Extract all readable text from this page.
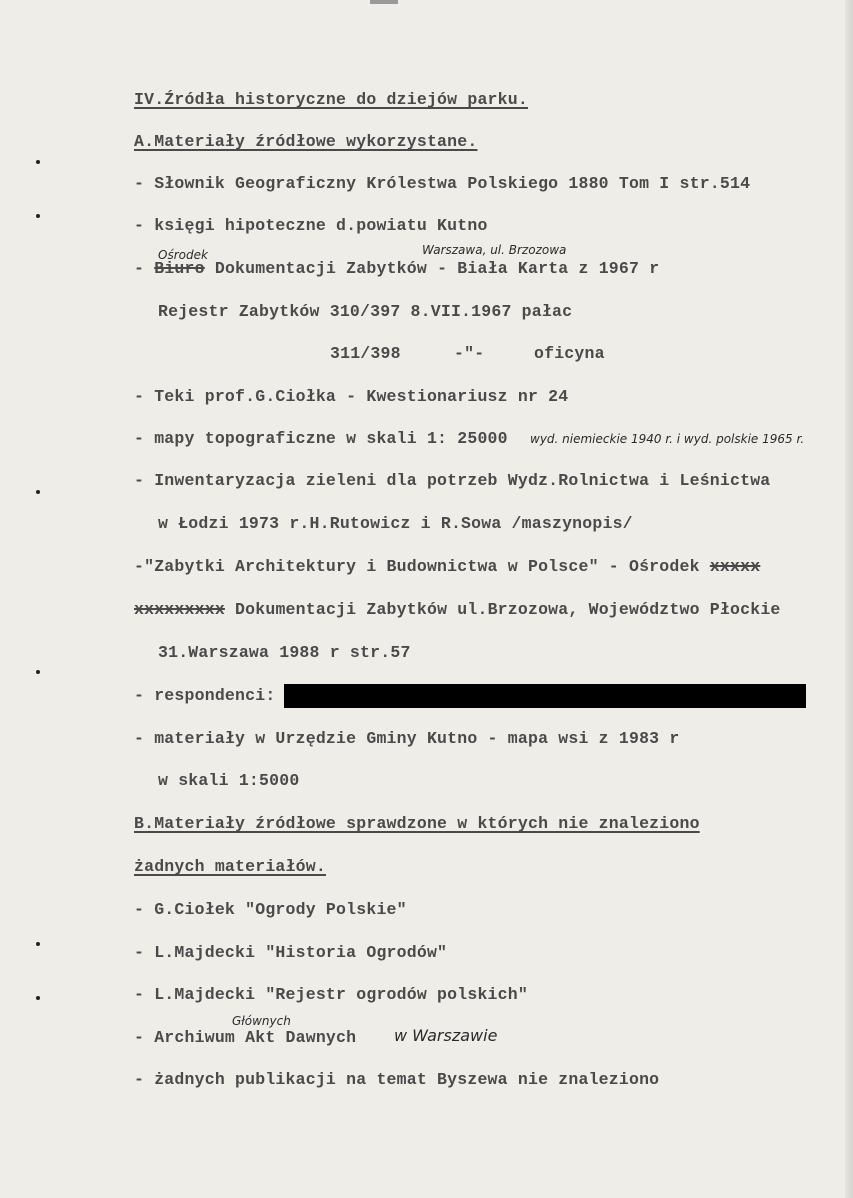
IV.Źródła historyczne do dziejów parku.
A.Materiały źródłowe wykorzystane.
- Słownik Geograficzny Królestwa Polskiego 1880 Tom I str.514
- księgi hipoteczne d.powiatu Kutno
- Biuro Dokumentacji Zabytków - Biała Karta z 1967 r
Ośrodek	Warszawa, ul. Brzozowa
Rejestr Zabytków 310/397 8.VII.1967 pałac
311/398	-"-	oficyna
- Teki prof.G.Ciołka - Kwestionariusz nr 24
- mapy topograficzne w skali 1: 25000 wyd. niemieckie 1940 r. i wyd. polskie 1965 r.
- Inwentaryzacja zieleni dla potrzeb Wydz.Rolnictwa i Leśnictwa
w Łodzi 1973 r.H.Rutowicz i R.Sowa /maszynopis/
-"Zabytki Architektury i Budownictwa w Polsce" - Ośrodek xxxxx
xxxxxxxxx Dokumentacji Zabytków ul.Brzozowa, Województwo Płockie
31.Warszawa 1988 r str.57
- respondenci:
- materiały w Urzędzie Gminy Kutno - mapa wsi z 1983 r
w skali 1:5000
B.Materiały źródłowe sprawdzone w których nie znaleziono
żadnych materiałów.
- G.Ciołek "Ogrody Polskie"
- L.Majdecki "Historia Ogrodów"
- L.Majdecki "Rejestr ogrodów polskich"
- Archiwum Akt Dawnych
Głównych
w Warszawie
- żadnych publikacji na temat Byszewa nie znaleziono
